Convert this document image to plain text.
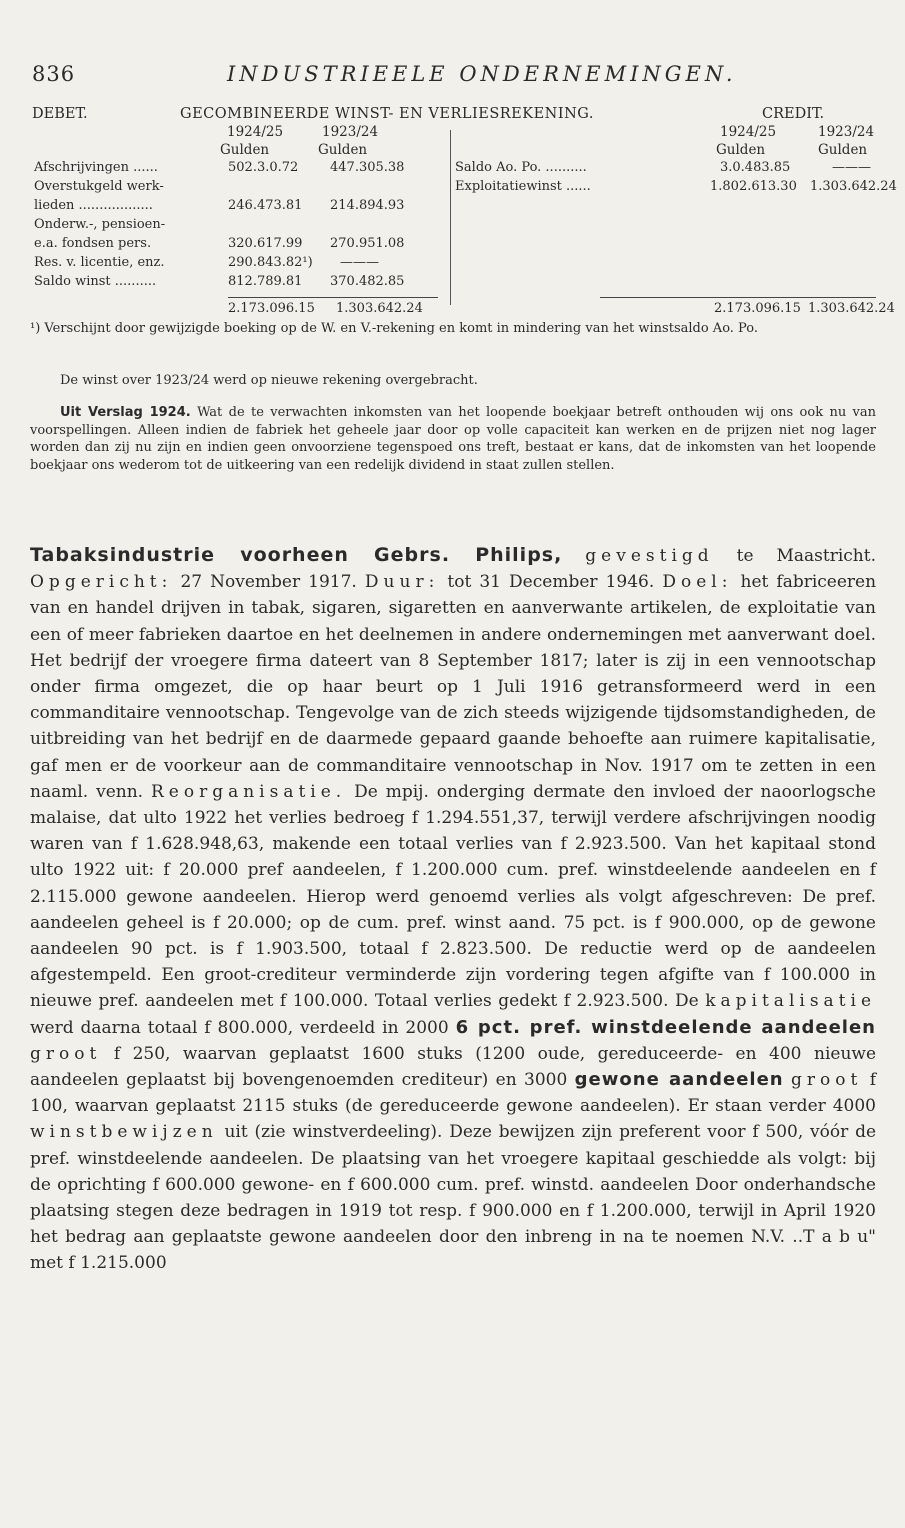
836	INDUSTRIEELE ONDERNEMINGEN.
DEBET.	GECOMBINEERDE WINST- EN VERLIESREKENING.	CREDIT.
1924/25	1923/24
Gulden	Gulden
1924/25	1923/24
Gulden	Gulden
Afschrijvingen ......	502.3.0.72 447.305.38
Overstukgeld werk-
lieden ..................	246.473.81 214.894.93
Onderw.-, pensioen-
e.a. fondsen pers.	320.617.99 270.951.08
Res. v. licentie, enz.	290.843.82¹) ———
Saldo winst ..........	812.789.81 370.482.85
Saldo Ao. Po. ..........	3.0.483.85	———
Exploitatiewinst ......	1.802.613.30 1.303.642.24
2.173.096.15 1.303.642.24	2.173.096.15 1.303.642.24

¹) Verschijnt door gewijzigde boeking op de W. en V.-rekening en komt in mindering van het winstsaldo Ao. Po.

De winst over 1923/24 werd op nieuwe rekening overgebracht.

Uit Verslag 1924. Wat de te verwachten inkomsten van het loopende boekjaar betreft onthouden wij ons ook nu van voorspellingen. Alleen indien de fabriek het geheele jaar door op volle capaciteit kan werken en de prijzen niet nog lager worden dan zij nu zijn en indien geen onvoorziene tegenspoed ons treft, bestaat er kans, dat de inkomsten van het loopende boekjaar ons wederom tot de uitkeering van een redelijk dividend in staat zullen stellen.

Tabaksindustrie voorheen Gebrs. Philips, gevestigd te Maastricht. Opgericht: 27 November 1917. Duur: tot 31 December 1946. Doel: het fabriceeren van en handel drijven in tabak, sigaren, sigaretten en aanverwante artikelen, de exploitatie van een of meer fabrieken daartoe en het deelnemen in andere ondernemingen met aanverwant doel. Het bedrijf der vroegere firma dateert van 8 September 1817; later is zij in een vennootschap onder firma omgezet, die op haar beurt op 1 Juli 1916 getransformeerd werd in een commanditaire vennootschap. Tengevolge van de zich steeds wijzigende tijdsomstandigheden, de uitbreiding van het bedrijf en de daarmede gepaard gaande behoefte aan ruimere kapitalisatie, gaf men er de voorkeur aan de commanditaire vennootschap in Nov. 1917 om te zetten in een naaml. venn. Reorganisatie. De mpij. onderging dermate den invloed der naoorlogsche malaise, dat ulto 1922 het verlies bedroeg f 1.294.551,37, terwijl verdere afschrijvingen noodig waren van f 1.628.948,63, makende een totaal verlies van f 2.923.500. Van het kapitaal stond ulto 1922 uit: f 20.000 pref aandeelen, f 1.200.000 cum. pref. winstdeelende aandeelen en f 2.115.000 gewone aandeelen. Hierop werd genoemd verlies als volgt afgeschreven: De pref. aandeelen geheel is f 20.000; op de cum. pref. winst aand. 75 pct. is f 900.000, op de gewone aandeelen 90 pct. is f 1.903.500, totaal f 2.823.500. De reductie werd op de aandeelen afgestempeld. Een groot-crediteur verminderde zijn vordering tegen afgifte van f 100.000 in nieuwe pref. aandeelen met f 100.000. Totaal verlies gedekt f 2.923.500. De kapitalisatie werd daarna totaal f 800.000, verdeeld in 2000 6 pct. pref. winstdeelende aandeelen groot f 250, waarvan geplaatst 1600 stuks (1200 oude, gereduceerde- en 400 nieuwe aandeelen geplaatst bij bovengenoemden crediteur) en 3000 gewone aandeelen groot f 100, waarvan geplaatst 2115 stuks (de gereduceerde gewone aandeelen). Er staan verder 4000 winstbewijzen uit (zie winstverdeeling). Deze bewijzen zijn preferent voor f 500, vóór de pref. winstdeelende aandeelen. De plaatsing van het vroegere kapitaal geschiedde als volgt: bij de oprichting f 600.000 gewone- en f 600.000 cum. pref. winstd. aandeelen Door onderhandsche plaatsing stegen deze bedragen in 1919 tot resp. f 900.000 en f 1.200.000, terwijl in April 1920 het bedrag aan geplaatste gewone aandeelen door den inbreng in na te noemen N.V. ..T a b u" met f 1.215.000
